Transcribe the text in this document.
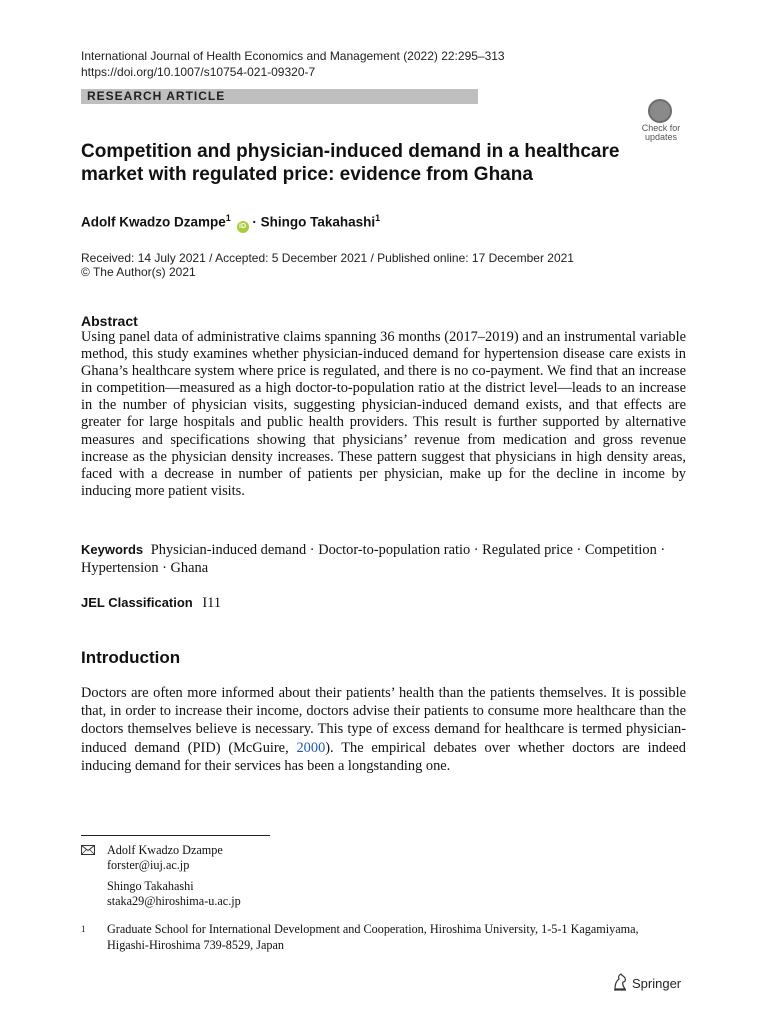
International Journal of Health Economics and Management (2022) 22:295–313
https://doi.org/10.1007/s10754-021-09320-7
RESEARCH ARTICLE
Check for
updates
Competition and physician-induced demand in a healthcare market with regulated price: evidence from Ghana
Adolf Kwadzo Dzampe$^1$ iD · Shingo Takahashi$^1$
Received: 14 July 2021 / Accepted: 5 December 2021 / Published online: 17 December 2021
© The Author(s) 2021
Abstract
Using panel data of administrative claims spanning 36 months (2017–2019) and an instrumental variable method, this study examines whether physician-induced demand for hypertension disease care exists in Ghana’s healthcare system where price is regulated, and there is no co-payment. We find that an increase in competition—measured as a high doctor-to-population ratio at the district level—leads to an increase in the number of physician visits, suggesting physician-induced demand exists, and that effects are greater for large hospitals and public health providers. This result is further supported by alternative measures and specifications showing that physicians’ revenue from medication and gross revenue increase as the physician density increases. These pattern suggest that physicians in high density areas, faced with a decrease in number of patients per physician, make up for the decline in income by inducing more patient visits.
Keywords Physician-induced demand · Doctor-to-population ratio · Regulated price · Competition · Hypertension · Ghana
JEL Classification I11
Introduction
Doctors are often more informed about their patients’ health than the patients themselves. It is possible that, in order to increase their income, doctors advise their patients to consume more healthcare than the doctors themselves believe is necessary. This type of excess demand for healthcare is termed physician-induced demand (PID) (McGuire, 2000). The empirical debates over whether doctors are indeed inducing demand for their services has been a longstanding one.
Adolf Kwadzo Dzampe
forster@iuj.ac.jp
Shingo Takahashi
staka29@hiroshima-u.ac.jp
1 Graduate School for International Development and Cooperation, Hiroshima University, 1-5-1 Kagamiyama, Higashi-Hiroshima 739-8529, Japan
Springer
